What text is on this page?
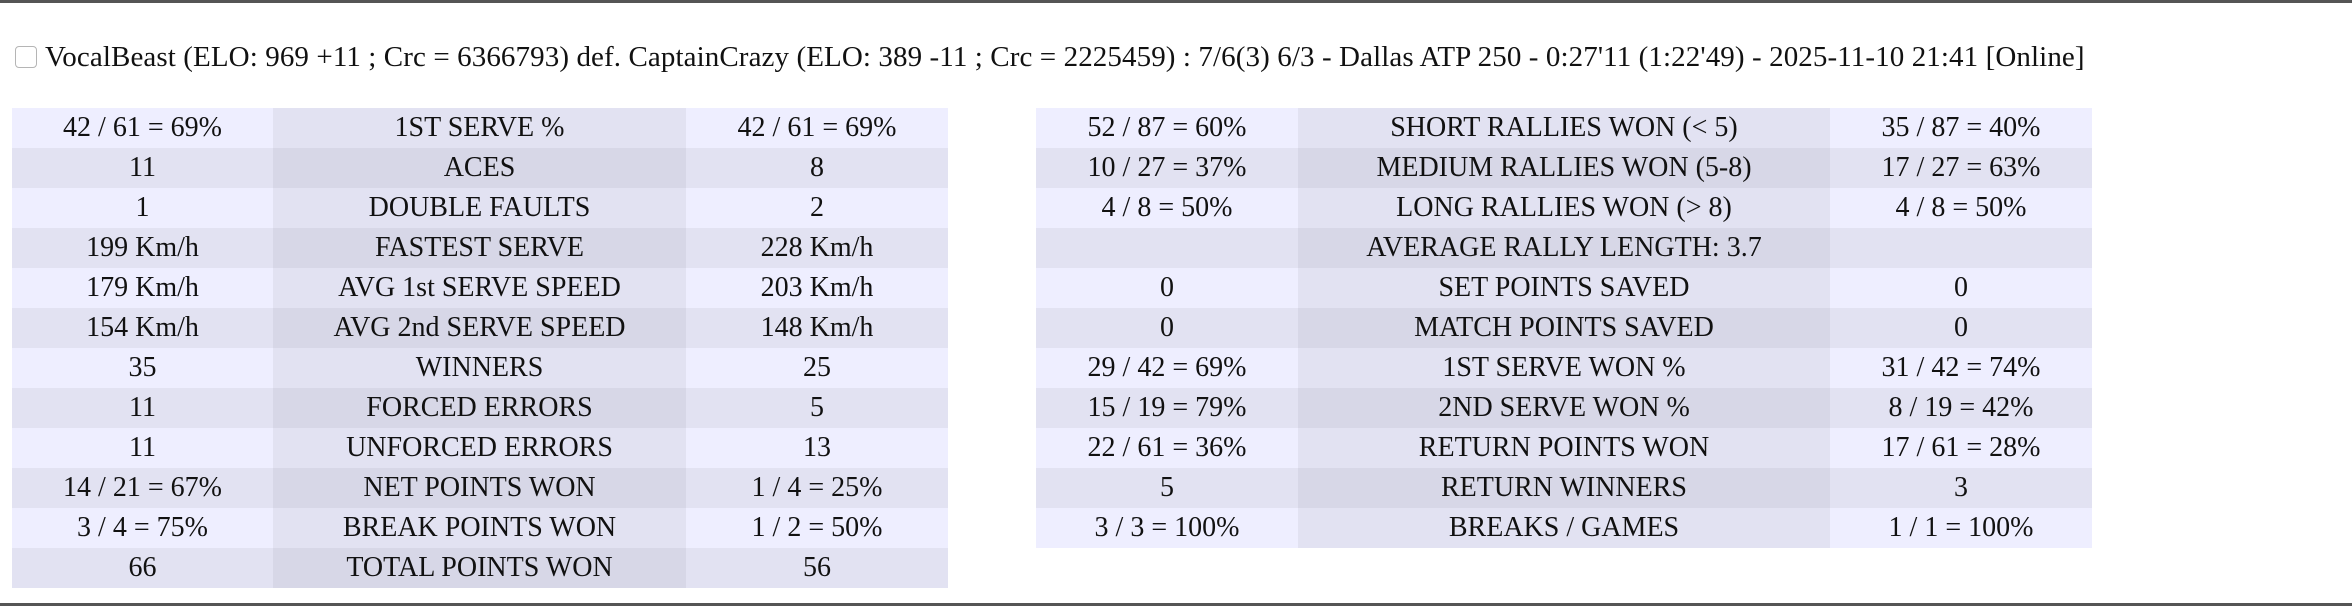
VocalBeast (ELO: 969 +11 ; Crc = 6366793) def. CaptainCrazy (ELO: 389 -11 ; Crc = 2225459) : 7/6(3) 6/3 - Dallas ATP 250 - 0:27'11 (1:22'49) - 2025-11-10 21:41 [Online]
42 / 61 = 69%	1ST SERVE %	42 / 61 = 69%
11	ACES	8
1	DOUBLE FAULTS	2
199 Km/h	FASTEST SERVE	228 Km/h
179 Km/h	AVG 1st SERVE SPEED	203 Km/h
154 Km/h	AVG 2nd SERVE SPEED	148 Km/h
35	WINNERS	25
11	FORCED ERRORS	5
11	UNFORCED ERRORS	13
14 / 21 = 67%	NET POINTS WON	1 / 4 = 25%
3 / 4 = 75%	BREAK POINTS WON	1 / 2 = 50%
66	TOTAL POINTS WON	56
52 / 87 = 60%	SHORT RALLIES WON (< 5)	35 / 87 = 40%
10 / 27 = 37%	MEDIUM RALLIES WON (5-8)	17 / 27 = 63%
4 / 8 = 50%	LONG RALLIES WON (> 8)	4 / 8 = 50%
	AVERAGE RALLY LENGTH: 3.7	
0	SET POINTS SAVED	0
0	MATCH POINTS SAVED	0
29 / 42 = 69%	1ST SERVE WON %	31 / 42 = 74%
15 / 19 = 79%	2ND SERVE WON %	8 / 19 = 42%
22 / 61 = 36%	RETURN POINTS WON	17 / 61 = 28%
5	RETURN WINNERS	3
3 / 3 = 100%	BREAKS / GAMES	1 / 1 = 100%
